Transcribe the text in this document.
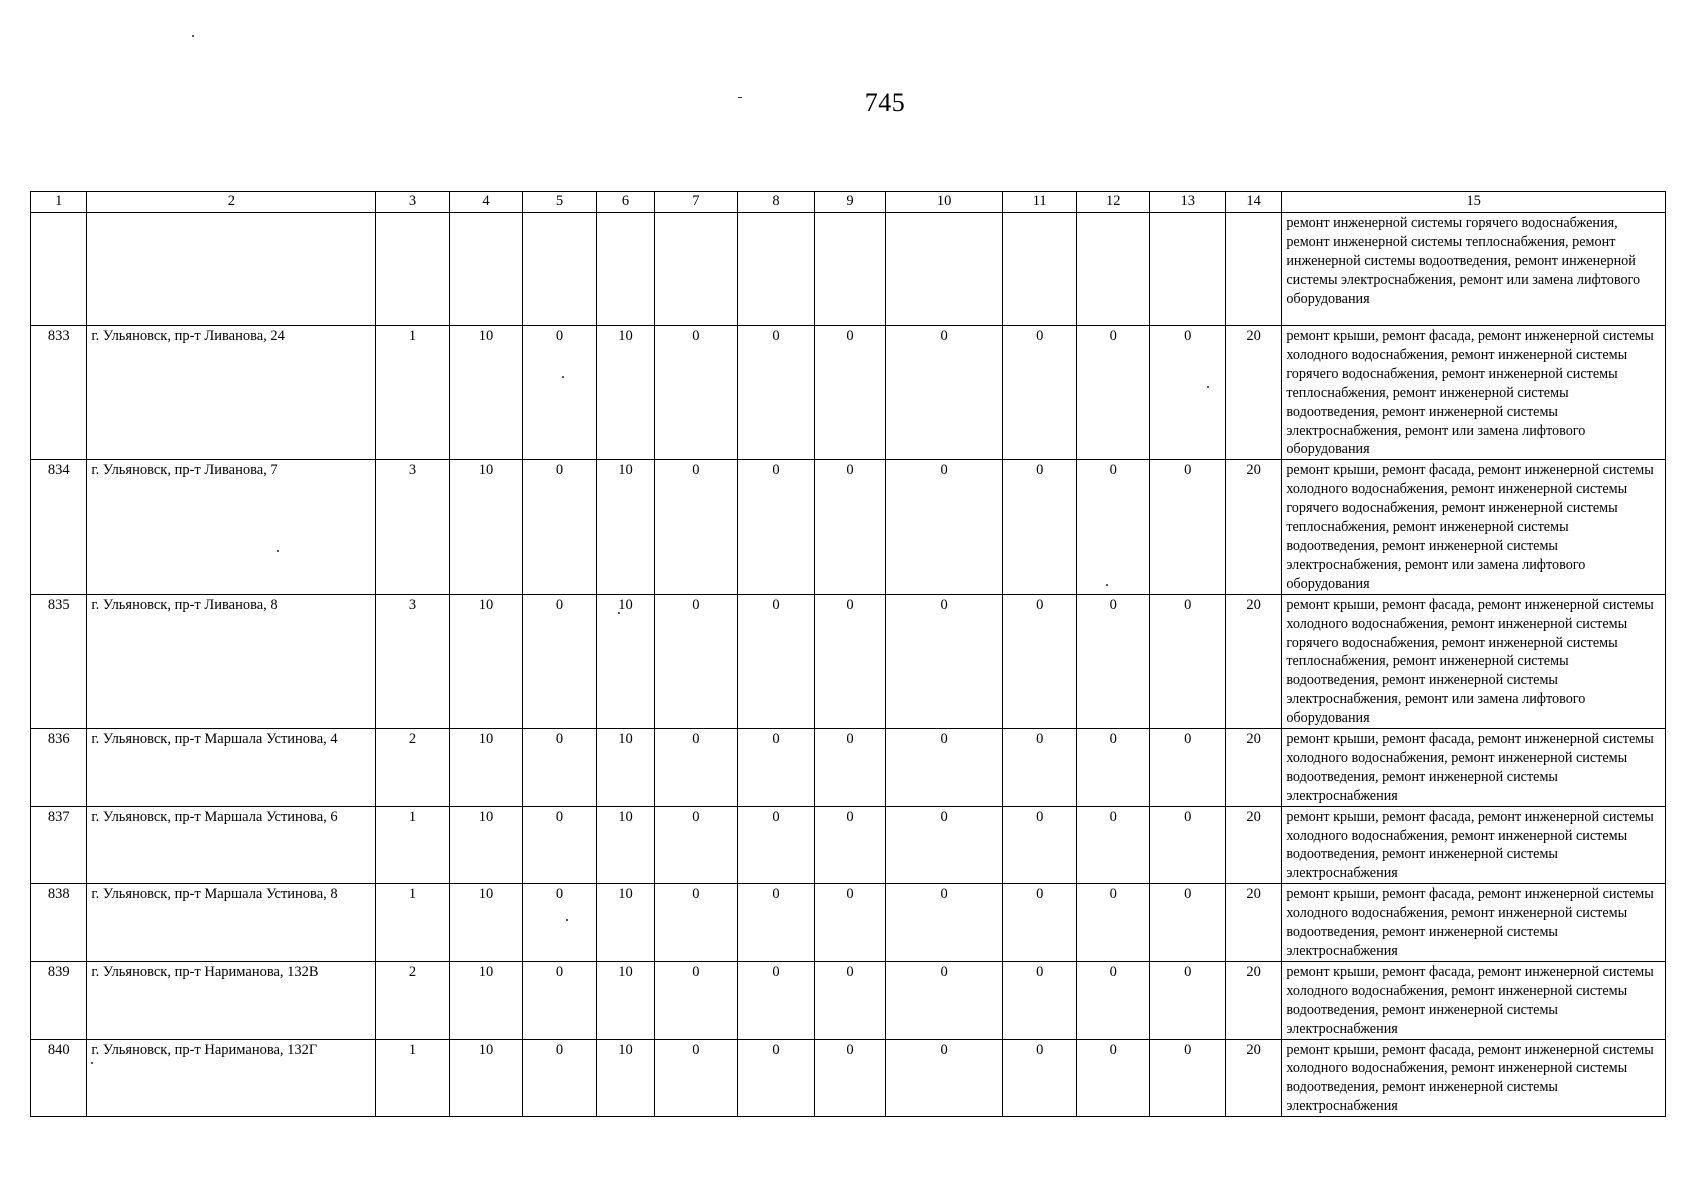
745
1	2	3	4	5	6	7	8	9	10	11	12	13	14	15
														ремонт инженерной системы горячего водоснабжения, ремонт инженерной системы теплоснабжения, ремонт инженерной системы водоотведения, ремонт инженерной системы электроснабжения, ремонт или замена лифтового оборудования
833	г. Ульяновск, пр-т Ливанова, 24	1	10	0	10	0	0	0	0	0	0	0	20	ремонт крыши, ремонт фасада, ремонт инженерной системы холодного водоснабжения, ремонт инженерной системы горячего водоснабжения, ремонт инженерной системы теплоснабжения, ремонт инженерной системы водоотведения, ремонт инженерной системы электроснабжения, ремонт или замена лифтового оборудования
834	г. Ульяновск, пр-т Ливанова, 7	3	10	0	10	0	0	0	0	0	0	0	20	ремонт крыши, ремонт фасада, ремонт инженерной системы холодного водоснабжения, ремонт инженерной системы горячего водоснабжения, ремонт инженерной системы теплоснабжения, ремонт инженерной системы водоотведения, ремонт инженерной системы электроснабжения, ремонт или замена лифтового оборудования
835	г. Ульяновск, пр-т Ливанова, 8	3	10	0	10	0	0	0	0	0	0	0	20	ремонт крыши, ремонт фасада, ремонт инженерной системы холодного водоснабжения, ремонт инженерной системы горячего водоснабжения, ремонт инженерной системы теплоснабжения, ремонт инженерной системы водоотведения, ремонт инженерной системы электроснабжения, ремонт или замена лифтового оборудования
836	г. Ульяновск, пр-т Маршала Устинова, 4	2	10	0	10	0	0	0	0	0	0	0	20	ремонт крыши, ремонт фасада, ремонт инженерной системы холодного водоснабжения, ремонт инженерной системы водоотведения, ремонт инженерной системы электроснабжения
837	г. Ульяновск, пр-т Маршала Устинова, 6	1	10	0	10	0	0	0	0	0	0	0	20	ремонт крыши, ремонт фасада, ремонт инженерной системы холодного водоснабжения, ремонт инженерной системы водоотведения, ремонт инженерной системы электроснабжения
838	г. Ульяновск, пр-т Маршала Устинова, 8	1	10	0	10	0	0	0	0	0	0	0	20	ремонт крыши, ремонт фасада, ремонт инженерной системы холодного водоснабжения, ремонт инженерной системы водоотведения, ремонт инженерной системы электроснабжения
839	г. Ульяновск, пр-т Нариманова, 132В	2	10	0	10	0	0	0	0	0	0	0	20	ремонт крыши, ремонт фасада, ремонт инженерной системы холодного водоснабжения, ремонт инженерной системы водоотведения, ремонт инженерной системы электроснабжения
840	г. Ульяновск, пр-т Нариманова, 132Г	1	10	0	10	0	0	0	0	0	0	0	20	ремонт крыши, ремонт фасада, ремонт инженерной системы холодного водоснабжения, ремонт инженерной системы водоотведения, ремонт инженерной системы электроснабжения
